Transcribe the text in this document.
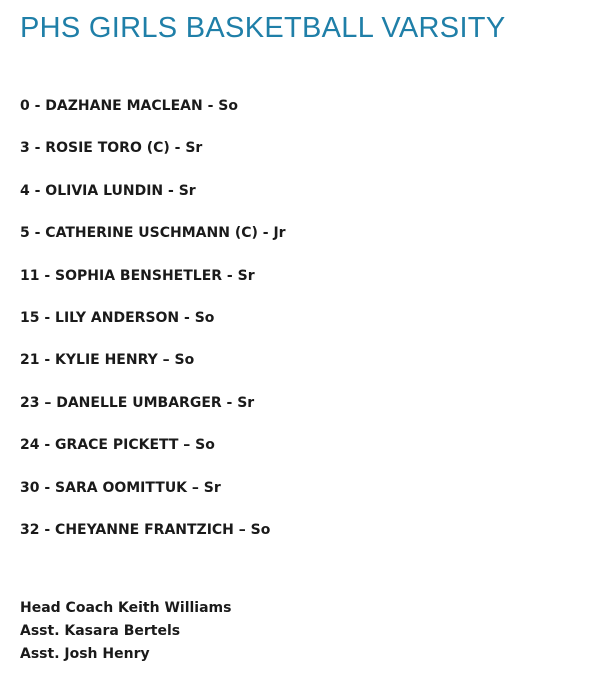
PHS GIRLS BASKETBALL VARSITY
0 - DAZHANE MACLEAN - So
3 - ROSIE TORO (C) - Sr
4 - OLIVIA LUNDIN - Sr
5 - CATHERINE USCHMANN (C) - Jr
11 - SOPHIA BENSHETLER - Sr
15 - LILY ANDERSON - So
21 - KYLIE HENRY – So
23 – DANELLE UMBARGER - Sr
24 - GRACE PICKETT – So
30 - SARA OOMITTUK – Sr
32 - CHEYANNE FRANTZICH – So
Head Coach Keith Williams
Asst. Kasara Bertels
Asst. Josh Henry
